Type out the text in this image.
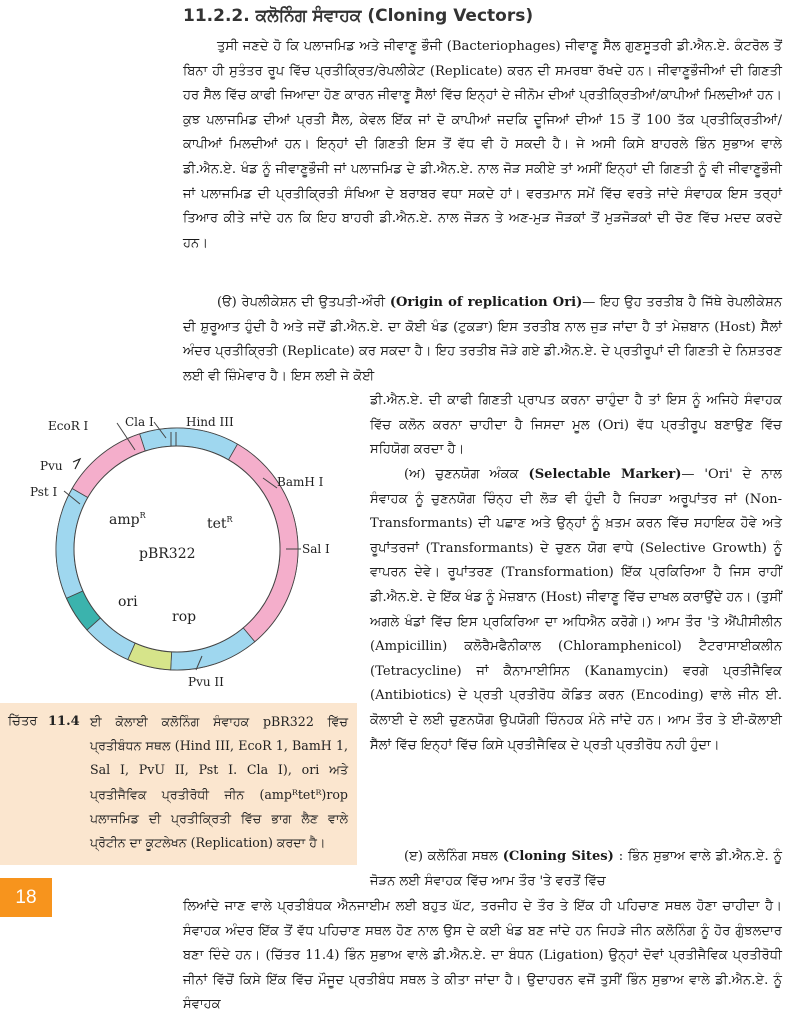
11.2.2. ਕਲੋਨਿੰਗ ਸੰਵਾਹਕ (Cloning Vectors)

ਤੁਸੀ ਜਣਦੇ ਹੋ ਕਿ ਪਲਾਜਮਿਡ ਅਤੇ ਜੀਵਾਣੂ ਭੌਜੀ (Bacteriophages) ਜੀਵਾਣੂ ਸੈੱਲ ਗੁਣਸੂਤਰੀ ਡੀ.ਐਨ.ਏ. ਕੰਟਰੋਲ ਤੋਂ ਬਿਨਾ ਹੀ ਸੁਤੰਤਰ ਰੂਪ ਵਿੱਚ ਪ੍ਰਤੀਕ੍ਰਿਤ/ਰੇਪਲੀਕੇਟ (Replicate) ਕਰਨ ਦੀ ਸਮਰਥਾ ਰੱਖਦੇ ਹਨ। ਜੀਵਾਣੂਭੌਜੀਆਂ ਦੀ ਗਿਣਤੀ ਹਰ ਸੈੱਲ ਵਿੱਚ ਕਾਫੀ ਜਿਆਦਾ ਹੋਣ ਕਾਰਨ ਜੀਵਾਣੂ ਸੈੱਲਾਂ ਵਿੱਚ ਇਨ੍ਹਾਂ ਦੇ ਜੀਨੋਮ ਦੀਆਂ ਪ੍ਰਤੀਕ੍ਰਿਤੀਆਂ/ਕਾਪੀਆਂ ਮਿਲਦੀਆਂ ਹਨ। ਕੁਝ ਪਲਾਜਮਿਡ ਦੀਆਂ ਪ੍ਰਤੀ ਸੈੱਲ, ਕੇਵਲ ਇੱਕ ਜਾਂ ਦੋ ਕਾਪੀਆਂ ਜਦਕਿ ਦੂਜਿਆਂ ਦੀਆਂ 15 ਤੋਂ 100 ਤੱਕ ਪ੍ਰਤੀਕ੍ਰਿਤੀਆਂ/ ਕਾਪੀਆਂ ਮਿਲਦੀਆਂ ਹਨ। ਇਨ੍ਹਾਂ ਦੀ ਗਿਣਤੀ ਇਸ ਤੋਂ ਵੱਧ ਵੀ ਹੋ ਸਕਦੀ ਹੈ। ਜੇ ਅਸੀ ਕਿਸੇ ਬਾਹਰਲੇ ਭਿੰਨ ਸੁਭਾਅ ਵਾਲੇ ਡੀ.ਐਨ.ਏ. ਖੰਡ ਨੂੰ ਜੀਵਾਣੂਭੌਜੀ ਜਾਂ ਪਲਾਜਮਿਡ ਦੇ ਡੀ.ਐਨ.ਏ. ਨਾਲ ਜੋੜ ਸਕੀਏ ਤਾਂ ਅਸੀਂ ਇਨ੍ਹਾਂ ਦੀ ਗਿਣਤੀ ਨੂੰ ਵੀ ਜੀਵਾਣੂਭੌਜੀ ਜਾਂ ਪਲਾਜਮਿਡ ਦੀ ਪ੍ਰਤੀਕ੍ਰਿਤੀ ਸੰਖਿਆ ਦੇ ਬਰਾਬਰ ਵਧਾ ਸਕਦੇ ਹਾਂ। ਵਰਤਮਾਨ ਸਮੇਂ ਵਿੱਚ ਵਰਤੇ ਜਾਂਦੇ ਸੰਵਾਹਕ ਇਸ ਤਰ੍ਹਾਂ ਤਿਆਰ ਕੀਤੇ ਜਾਂਦੇ ਹਨ ਕਿ ਇਹ ਬਾਹਰੀ ਡੀ.ਐਨ.ਏ. ਨਾਲ ਜੋੜਨ ਤੇ ਅਣ-ਮੁੜ ਜੋੜਕਾਂ ਤੋਂ ਮੁੜਜੋੜਕਾਂ ਦੀ ਚੋਣ ਵਿੱਚ ਮਦਦ ਕਰਦੇ ਹਨ।

(ੳ) ਰੇਪਲੀਕੇਸ਼ਨ ਦੀ ਉਤਪਤੀ-ਔਰੀ (Origin of replication Ori)— ਇਹ ਉਹ ਤਰਤੀਬ ਹੈ ਜਿੱਥੇ ਰੇਪਲੀਕੇਸ਼ਨ ਦੀ ਸ਼ੁਰੂਆਤ ਹੁੰਦੀ ਹੈ ਅਤੇ ਜਦੋਂ ਡੀ.ਐਨ.ਏ. ਦਾ ਕੋਈ ਖੰਡ (ਟੁਕੜਾ) ਇਸ ਤਰਤੀਬ ਨਾਲ ਜੁੜ ਜਾਂਦਾ ਹੈ ਤਾਂ ਮੇਜ਼ਬਾਨ (Host) ਸੈੱਲਾਂ ਅੰਦਰ ਪ੍ਰਤੀਕ੍ਰਿਤੀ (Replicate) ਕਰ ਸਕਦਾ ਹੈ। ਇਹ ਤਰਤੀਬ ਜੋੜੇ ਗਏ ਡੀ.ਐਨ.ਏ. ਦੇ ਪ੍ਰਤੀਰੂਪਾਂ ਦੀ ਗਿਣਤੀ ਦੇ ਨਿਸ਼ਤਰਣ ਲਈ ਵੀ ਜ਼ਿੰਮੇਵਾਰ ਹੈ। ਇਸ ਲਈ ਜੇ ਕੋਈ

ਡੀ.ਐਨ.ਏ. ਦੀ ਕਾਫੀ ਗਿਣਤੀ ਪ੍ਰਾਪਤ ਕਰਨਾ ਚਾਹੁੰਦਾ ਹੈ ਤਾਂ ਇਸ ਨੂੰ ਅਜਿਹੇ ਸੰਵਾਹਕ ਵਿੱਚ ਕਲੋਨ ਕਰਨਾ ਚਾਹੀਦਾ ਹੈ ਜਿਸਦਾ ਮੂਲ (Ori) ਵੱਧ ਪ੍ਰਤੀਰੂਪ ਬਣਾਉਣ ਵਿੱਚ ਸਹਿਯੋਗ ਕਰਦਾ ਹੈ।

(ਅ) ਚੁਣਨਯੋਗ ਅੰਕਕ (Selectable Marker)— 'Ori' ਦੇ ਨਾਲ ਸੰਵਾਹਕ ਨੂੰ ਚੁਣਨਯੋਗ ਚਿੰਨ੍ਹ ਦੀ ਲੋੜ ਵੀ ਹੁੰਦੀ ਹੈ ਜਿਹੜਾ ਅਰੂਪਾਂਤਰ ਜਾਂ (Non-Transformants) ਦੀ ਪਛਾਣ ਅਤੇ ਉਨ੍ਹਾਂ ਨੂੰ ਖ਼ਤਮ ਕਰਨ ਵਿੱਚ ਸਹਾਇਕ ਹੋਵੇ ਅਤੇ ਰੂਪਾਂਤਰਜਾਂ (Transformants) ਦੇ ਚੁਣਨ ਯੋਗ ਵਾਧੇ (Selective Growth) ਨੂੰ ਵਾਪਰਨ ਦੇਵੇ। ਰੂਪਾਂਤਰਣ (Transformation) ਇੱਕ ਪ੍ਰਕਿਰਿਆ ਹੈ ਜਿਸ ਰਾਹੀਂ ਡੀ.ਐਨ.ਏ. ਦੇ ਇੱਕ ਖੰਡ ਨੂੰ ਮੇਜ਼ਬਾਨ (Host) ਜੀਵਾਣੂ ਵਿੱਚ ਦਾਖਲ ਕਰਾਉਂਦੇ ਹਨ। (ਤੁਸੀਂ ਅਗਲੇ ਖੰਡਾਂ ਵਿੱਚ ਇਸ ਪ੍ਰਕਿਰਿਆ ਦਾ ਅਧਿਐਨ ਕਰੋਗੇ।) ਆਮ ਤੌਰ 'ਤੇ ਐਂਪੀਸੀਲੀਨ (Ampicillin) ਕਲੋਰੈਮਫੈਨੀਕਾਲ (Chloramphenicol) ਟੈਟਰਾਸਾਈਕਲੀਨ (Tetracycline) ਜਾਂ ਕੈਨਾਮਾਈਸਿਨ (Kanamycin) ਵਰਗੇ ਪ੍ਰਤੀਜੈਵਿਕ (Antibiotics) ਦੇ ਪ੍ਰਤੀ ਪ੍ਰਤੀਰੋਧ ਕੋਡਿਤ ਕਰਨ (Encoding) ਵਾਲੇ ਜੀਨ ਈ. ਕੋਲਾਈ ਦੇ ਲਈ ਚੁਣਨਯੋਗ ਉਪਯੋਗੀ ਚਿੰਨਹਕ ਮੰਨੇ ਜਾਂਦੇ ਹਨ। ਆਮ ਤੌਰ ਤੇ ਈ-ਕੋਲਾਈ ਸੈੱਲਾਂ ਵਿੱਚ ਇਨ੍ਹਾਂ ਵਿੱਚ ਕਿਸੇ ਪ੍ਰਤੀਜੈਵਿਕ ਦੇ ਪ੍ਰਤੀ ਪ੍ਰਤੀਰੋਧ ਨਹੀ ਹੁੰਦਾ।

(ੲ) ਕਲੋਨਿੰਗ ਸਥਲ (Cloning Sites) : ਭਿੰਨ ਸੁਭਾਅ ਵਾਲੇ ਡੀ.ਐਨ.ਏ. ਨੂੰ ਜੋੜਨ ਲਈ ਸੰਵਾਹਕ ਵਿੱਚ ਆਮ ਤੌਰ 'ਤੇ ਵਰਤੋਂ ਵਿੱਚ

ਲਿਆਂਦੇ ਜਾਣ ਵਾਲੇ ਪ੍ਰਤੀਬੰਧਕ ਐਨਜਾਈਮ ਲਈ ਬਹੁਤ ਘੱਟ, ਤਰਜੀਹ ਦੇ ਤੌਰ ਤੇ ਇੱਕ ਹੀ ਪਹਿਚਾਣ ਸਥਲ ਹੋਣਾ ਚਾਹੀਦਾ ਹੈ। ਸੰਵਾਹਕ ਅੰਦਰ ਇੱਕ ਤੋਂ ਵੱਧ ਪਹਿਚਾਣ ਸਥਲ ਹੋਣ ਨਾਲ ਉਸ ਦੇ ਕਈ ਖੰਡ ਬਣ ਜਾਂਦੇ ਹਨ ਜਿਹੜੇ ਜੀਨ ਕਲੋਨਿੰਗ ਨੂੰ ਹੋਰ ਗੁੰਝਲਦਾਰ ਬਣਾ ਦਿੰਦੇ ਹਨ। (ਚਿੱਤਰ 11.4) ਭਿੰਨ ਸੁਭਾਅ ਵਾਲੇ ਡੀ.ਐਨ.ਏ. ਦਾ ਬੰਧਨ (Ligation) ਉਨ੍ਹਾਂ ਦੋਵਾਂ ਪ੍ਰਤੀਜੈਵਿਕ ਪ੍ਰਤੀਰੋਧੀ ਜੀਨਾਂ ਵਿੱਚੋਂ ਕਿਸੇ ਇੱਕ ਵਿੱਚ ਮੌਜੂਦ ਪ੍ਰਤੀਬੰਧ ਸਥਲ ਤੇ ਕੀਤਾ ਜਾਂਦਾ ਹੈ। ਉਦਾਹਰਨ ਵਜੋਂ ਤੁਸੀਂ ਭਿੰਨ ਸੁਭਾਅ ਵਾਲੇ ਡੀ.ਐਨ.ਏ. ਨੂੰ ਸੰਵਾਹਕ

EcoR I	Cla I	Hind III
BamH I
Sal I
Pvu
Pst I
Pvu II
amp$^R$
tet$^R$
pBR322
ori
rop
ਚਿੱਤਰ 11.4 ਈ ਕੋਲਾਈ ਕਲੋਨਿੰਗ ਸੰਵਾਹਕ pBR322 ਵਿੱਚ ਪ੍ਰਤੀਬੰਧਨ ਸਥਲ (Hind III, EcoR 1, BamH 1, Sal I, PvU II, Pst I. Cla I), ori ਅਤੇ ਪ੍ਰਤੀਜੈਵਿਕ ਪ੍ਰਤੀਰੋਧੀ ਜੀਨ (ampᴿtetᴿ)rop ਪਲਾਜਮਿਡ ਦੀ ਪ੍ਰਤੀਕ੍ਰਿਤੀ ਵਿੱਚ ਭਾਗ ਲੈਣ ਵਾਲੇ ਪ੍ਰੋਟੀਨ ਦਾ ਕੂਟਲੇਖਨ (Replication) ਕਰਦਾ ਹੈ।

18
